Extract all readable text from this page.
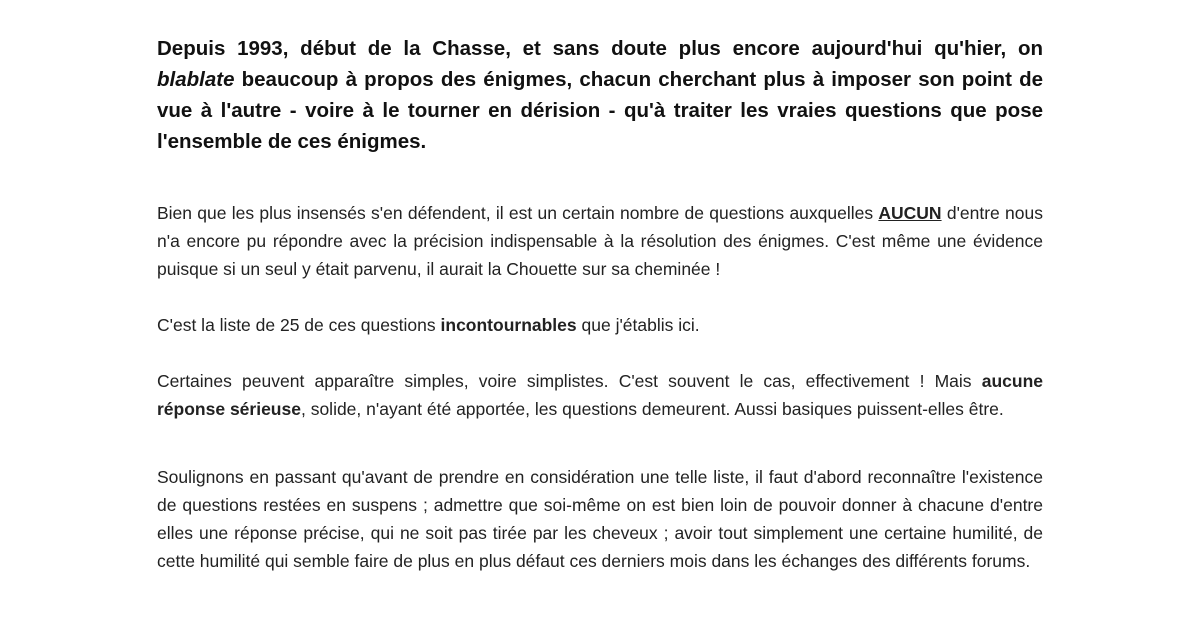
Depuis 1993, début de la Chasse, et sans doute plus encore aujourd'hui qu'hier, on blablate beaucoup à propos des énigmes, chacun cherchant plus à imposer son point de vue à l'autre - voire à le tourner en dérision - qu'à traiter les vraies questions que pose l'ensemble de ces énigmes.

Bien que les plus insensés s'en défendent, il est un certain nombre de questions auxquelles AUCUN d'entre nous n'a encore pu répondre avec la précision indispensable à la résolution des énigmes. C'est même une évidence puisque si un seul y était parvenu, il aurait la Chouette sur sa cheminée !

C'est la liste de 25 de ces questions incontournables que j'établis ici.

Certaines peuvent apparaître simples, voire simplistes. C'est souvent le cas, effectivement ! Mais aucune réponse sérieuse, solide, n'ayant été apportée, les questions demeurent. Aussi basiques puissent-elles être.

Soulignons en passant qu'avant de prendre en considération une telle liste, il faut d'abord reconnaître l'existence de questions restées en suspens ; admettre que soi-même on est bien loin de pouvoir donner à chacune d'entre elles une réponse précise, qui ne soit pas tirée par les cheveux ; avoir tout simplement une certaine humilité, de cette humilité qui semble faire de plus en plus défaut ces derniers mois dans les échanges des différents forums.
